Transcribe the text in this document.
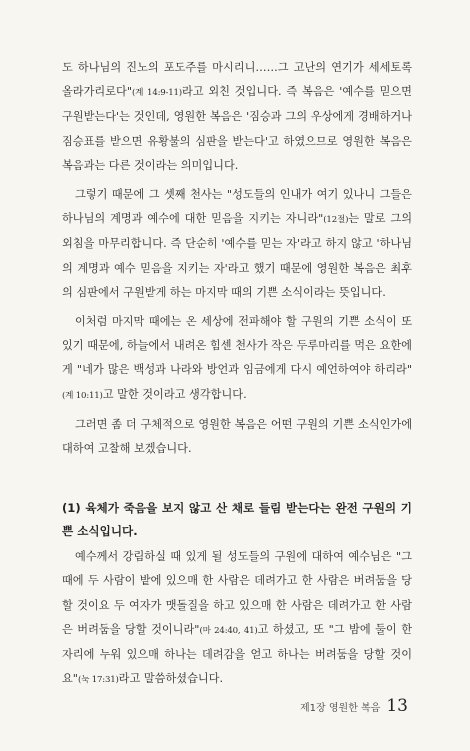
도 하나님의 진노의 포도주를 마시리니……그 고난의 연기가 세세토록 올라가리로다"(계 14:9-11)라고 외친 것입니다. 즉 복음은 '예수를 믿으면 구원받는다'는 것인데, 영원한 복음은 '짐승과 그의 우상에게 경배하거나 짐승표를 받으면 유황불의 심판을 받는다'고 하였으므로 영원한 복음은 복음과는 다른 것이라는 의미입니다.

그렇기 때문에 그 셋째 천사는 "성도들의 인내가 여기 있나니 그들은 하나님의 계명과 예수에 대한 믿음을 지키는 자니라"(12절)는 말로 그의 외침을 마무리합니다. 즉 단순히 '예수를 믿는 자'라고 하지 않고 '하나님의 계명과 예수 믿음을 지키는 자'라고 했기 때문에 영원한 복음은 최후의 심판에서 구원받게 하는 마지막 때의 기쁜 소식이라는 뜻입니다.

이처럼 마지막 때에는 온 세상에 전파해야 할 구원의 기쁜 소식이 또 있기 때문에, 하늘에서 내려온 힘센 천사가 작은 두루마리를 먹은 요한에게 "네가 많은 백성과 나라와 방언과 임금에게 다시 예언하여야 하리라"(계 10:11)고 말한 것이라고 생각합니다.

그러면 좀 더 구체적으로 영원한 복음은 어떤 구원의 기쁜 소식인가에 대하여 고찰해 보겠습니다.

(1) 육체가 죽음을 보지 않고 산 채로 들림 받는다는 완전 구원의 기쁜 소식입니다.

예수께서 강림하실 때 있게 될 성도들의 구원에 대하여 예수님은 "그때에 두 사람이 밭에 있으매 한 사람은 데려가고 한 사람은 버려둠을 당할 것이요 두 여자가 맷돌질을 하고 있으매 한 사람은 데려가고 한 사람은 버려둠을 당할 것이니라"(마 24:40, 41)고 하셨고, 또 "그 밤에 둘이 한자리에 누워 있으매 하나는 데려감을 얻고 하나는 버려둠을 당할 것이요"(눅 17:31)라고 말씀하셨습니다.

제1장 영원한 복음 13
